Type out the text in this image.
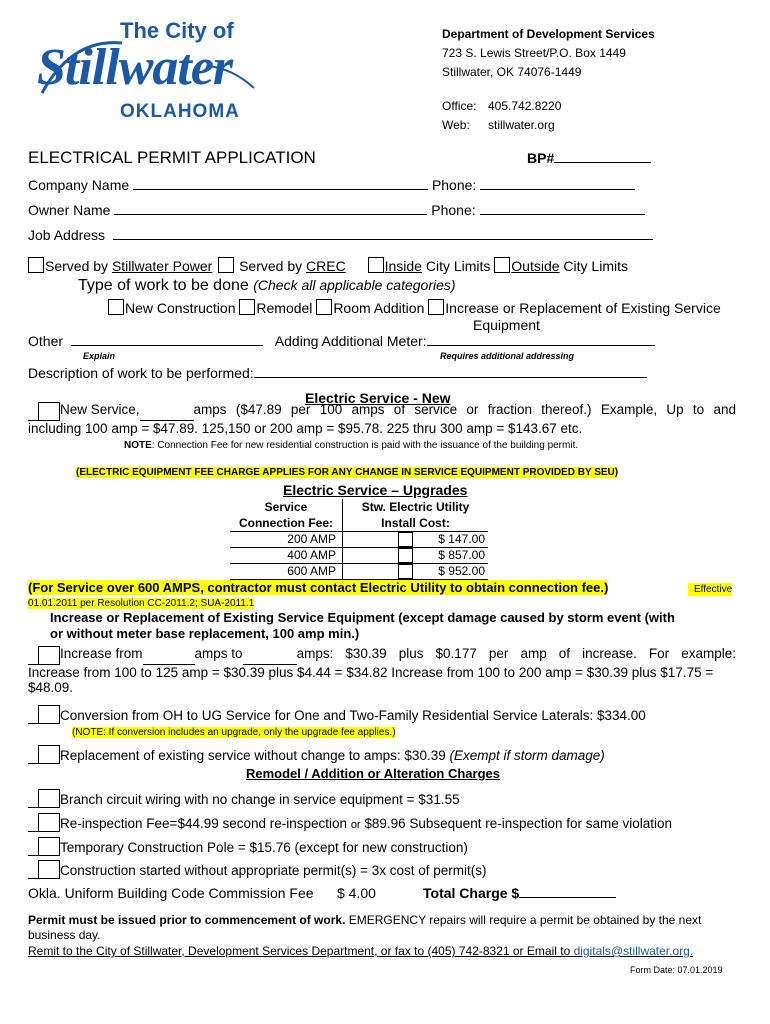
The City of
Stillwater
OKLAHOMA
Department of Development Services
723 S. Lewis Street/P.O. Box 1449
Stillwater, OK 74076-1449
Office: 405.742.8220
Web: stillwater.org
ELECTRICAL PERMIT APPLICATION	BP#
Company Name	Phone:
Owner Name	Phone:
Job Address
Served by Stillwater Power Served by CREC	Inside City Limits Outside City Limits
Type of work to be done (Check all applicable categories)
New Construction Remodel Room Addition Increase or Replacement of Existing Service
Equipment
Other	Adding Additional Meter:
Explain	Requires additional addressing
Description of work to be performed:
Electric Service - New
New Service,	amps ($47.89 per 100 amps of service or fraction thereof.) Example, Up to and
including 100 amp = $47.89. 125,150 or 200 amp = $95.78. 225 thru 300 amp = $143.67 etc.
NOTE: Connection Fee for new residential construction is paid with the issuance of the building permit.
(ELECTRIC EQUIPMENT FEE CHARGE APPLIES FOR ANY CHANGE IN SERVICE EQUIPMENT PROVIDED BY SEU)
Electric Service – Upgrades
Service
Connection Fee:
Stw. Electric Utility
Install Cost:
200 AMP	$ 147.00
400 AMP	$ 857.00
600 AMP	$ 952.00
(For Service over 600 AMPS, contractor must contact Electric Utility to obtain connection fee.)	Effective
01.01.2011 per Resolution CC-2011.2; SUA-2011.1
Increase or Replacement of Existing Service Equipment (except damage caused by storm event (with
or without meter base replacement, 100 amp min.)
Increase from	amps to	amps: $30.39 plus $0.177 per amp of increase. For example:
Increase from 100 to 125 amp = $30.39 plus $4.44 = $34.82 Increase from 100 to 200 amp = $30.39 plus $17.75 =
$48.09.
Conversion from OH to UG Service for One and Two-Family Residential Service Laterals: $334.00
(NOTE: If conversion includes an upgrade, only the upgrade fee applies.)
Replacement of existing service without change to amps: $30.39 (Exempt if storm damage)
Remodel / Addition or Alteration Charges
Branch circuit wiring with no change in service equipment = $31.55
Re-inspection Fee=$44.99 second re-inspection or $89.96 Subsequent re-inspection for same violation
Temporary Construction Pole = $15.76 (except for new construction)
Construction started without appropriate permit(s) = 3x cost of permit(s)
Okla. Uniform Building Code Commission Fee $ 4.00	Total Charge $
Permit must be issued prior to commencement of work. EMERGENCY repairs will require a permit be obtained by the next
business day.
Remit to the City of Stillwater, Development Services Department, or fax to (405) 742-8321 or Email to digitals@stillwater.org.
Form Date: 07.01.2019
